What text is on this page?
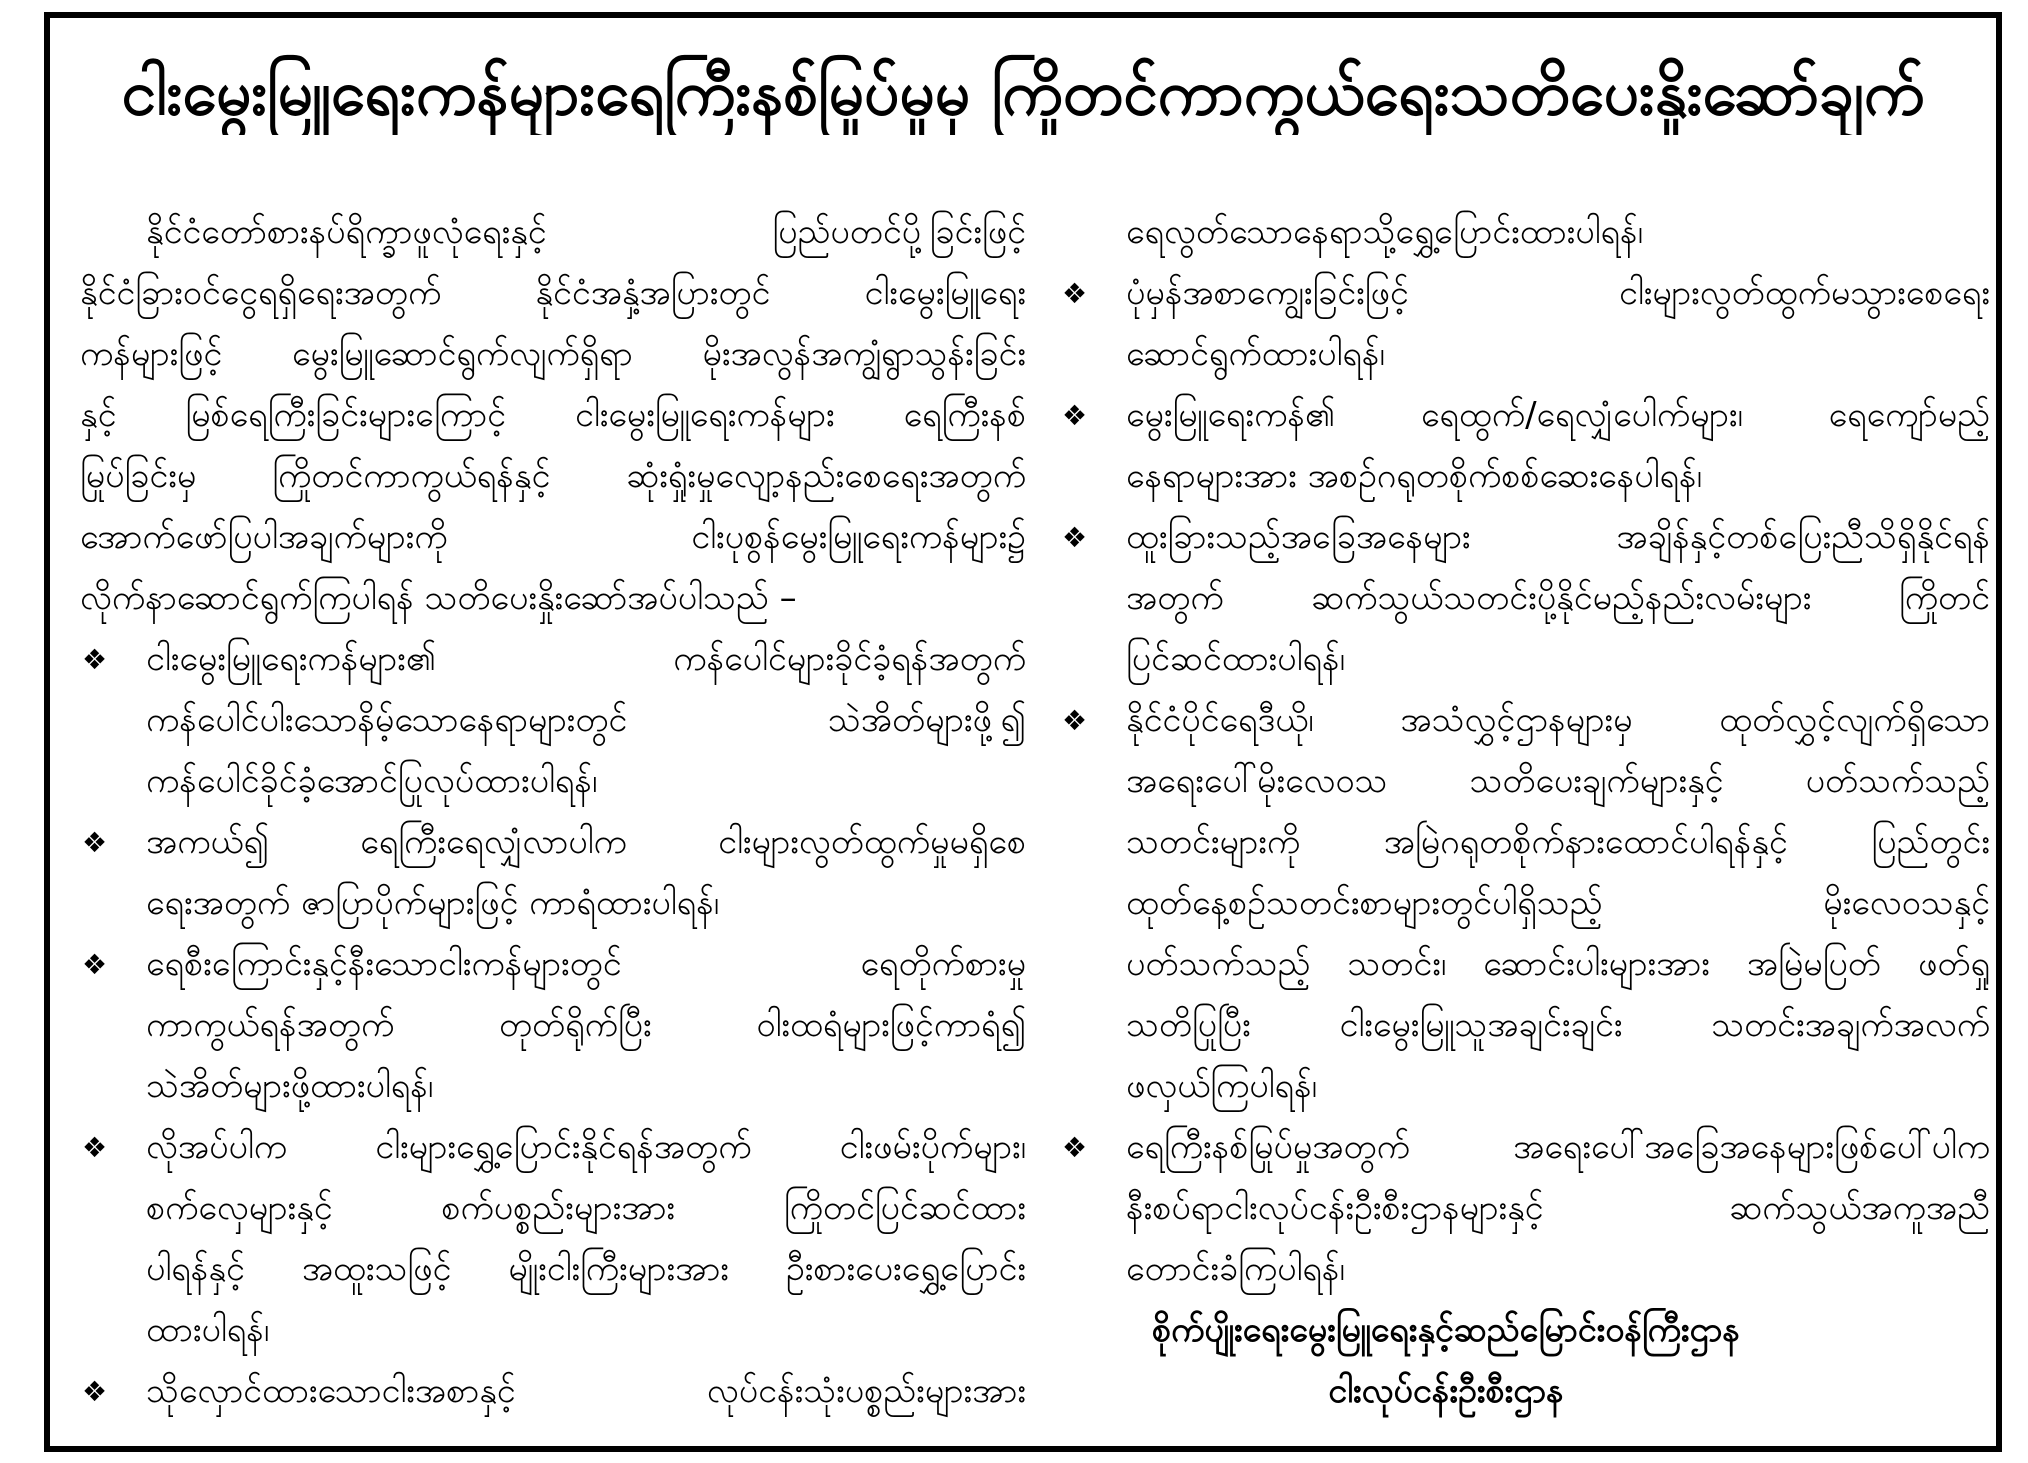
ငါးမွေးမြူရေးကန်များရေကြီးနစ်မြုပ်မှုမှ ကြိုတင်ကာကွယ်ရေးသတိပေးနှိုးဆော်ချက်
နိုင်ငံတော်စားနပ်ရိက္ခာဖူလုံရေးနှင့် ပြည်ပတင်ပို့ခြင်းဖြင့်
နိုင်ငံခြားဝင်ငွေရရှိရေးအတွက် နိုင်ငံအနှံ့အပြားတွင် ငါးမွေးမြူရေး
ကန်များဖြင့် မွေးမြူဆောင်ရွက်လျက်ရှိရာ မိုးအလွန်အကျွံရွာသွန်းခြင်း
နှင့် မြစ်ရေကြီးခြင်းများကြောင့် ငါးမွေးမြူရေးကန်များ ရေကြီးနစ်
မြုပ်ခြင်းမှ ကြိုတင်ကာကွယ်ရန်နှင့် ဆုံးရှုံးမှုလျော့နည်းစေရေးအတွက်
အောက်ဖော်ပြပါအချက်များကို ငါးပုစွန်မွေးမြူရေးကန်များ၌
လိုက်နာဆောင်ရွက်ကြပါရန် သတိပေးနှိုးဆော်အပ်ပါသည် –
❖
ငါးမွေးမြူရေးကန်များ၏ ကန်ပေါင်များခိုင်ခံ့ရန်အတွက်
ကန်ပေါင်ပါးသောနိမ့်သောနေရာများတွင် သဲအိတ်များဖို့၍
ကန်ပေါင်ခိုင်ခံ့အောင်ပြုလုပ်ထားပါရန်၊
❖
အကယ်၍ ရေကြီးရေလျှံလာပါက ငါးများလွတ်ထွက်မှုမရှိစေ
ရေးအတွက် ဇာပြာပိုက်များဖြင့် ကာရံထားပါရန်၊
❖
ရေစီးကြောင်းနှင့်နီးသောငါးကန်များတွင် ရေတိုက်စားမှု
ကာကွယ်ရန်အတွက် တုတ်ရိုက်ပြီး ဝါးထရံများဖြင့်ကာရံ၍
သဲအိတ်များဖို့ထားပါရန်၊
❖
လိုအပ်ပါက ငါးများရွှေ့ပြောင်းနိုင်ရန်အတွက် ငါးဖမ်းပိုက်များ၊
စက်လှေများနှင့် စက်ပစ္စည်းများအား ကြိုတင်ပြင်ဆင်ထား
ပါရန်နှင့် အထူးသဖြင့် မျိုးငါးကြီးများအား ဦးစားပေးရွှေ့ပြောင်း
ထားပါရန်၊
❖
သိုလှောင်ထားသောငါးအစာနှင့် လုပ်ငန်းသုံးပစ္စည်းများအား
ရေလွတ်သောနေရာသို့ရွှေ့ပြောင်းထားပါရန်၊
❖
ပုံမှန်အစာကျွေးခြင်းဖြင့် ငါးများလွတ်ထွက်မသွားစေရေး
ဆောင်ရွက်ထားပါရန်၊
❖
မွေးမြူရေးကန်၏ ရေထွက်/ရေလျှံပေါက်များ၊ ရေကျော်မည့်
နေရာများအား အစဉ်ဂရုတစိုက်စစ်ဆေးနေပါရန်၊
❖
ထူးခြားသည့်အခြေအနေများ အချိန်နှင့်တစ်ပြေးညီသိရှိနိုင်ရန်
အတွက် ဆက်သွယ်သတင်းပို့နိုင်မည့်နည်းလမ်းများ ကြိုတင်
ပြင်ဆင်ထားပါရန်၊
❖
နိုင်ငံပိုင်ရေဒီယို၊ အသံလွှင့်ဌာနများမှ ထုတ်လွှင့်လျက်ရှိသော
အရေးပေါ်မိုးလေဝသ သတိပေးချက်များနှင့် ပတ်သက်သည့်
သတင်းများကို အမြဲဂရုတစိုက်နားထောင်ပါရန်နှင့် ပြည်တွင်း
ထုတ်နေ့စဉ်သတင်းစာများတွင်ပါရှိသည့် မိုးလေဝသနှင့်
ပတ်သက်သည့် သတင်း၊ ဆောင်းပါးများအား အမြဲမပြတ် ဖတ်ရှု
သတိပြုပြီး ငါးမွေးမြူသူအချင်းချင်း သတင်းအချက်အလက်
ဖလှယ်ကြပါရန်၊
❖
ရေကြီးနစ်မြုပ်မှုအတွက် အရေးပေါ်အခြေအနေများဖြစ်ပေါ်ပါက
နီးစပ်ရာငါးလုပ်ငန်းဦးစီးဌာနများနှင့် ဆက်သွယ်အကူအညီ
တောင်းခံကြပါရန်၊
စိုက်ပျိုးရေးမွေးမြူရေးနှင့်ဆည်မြောင်းဝန်ကြီးဌာန
ငါးလုပ်ငန်းဦးစီးဌာန
